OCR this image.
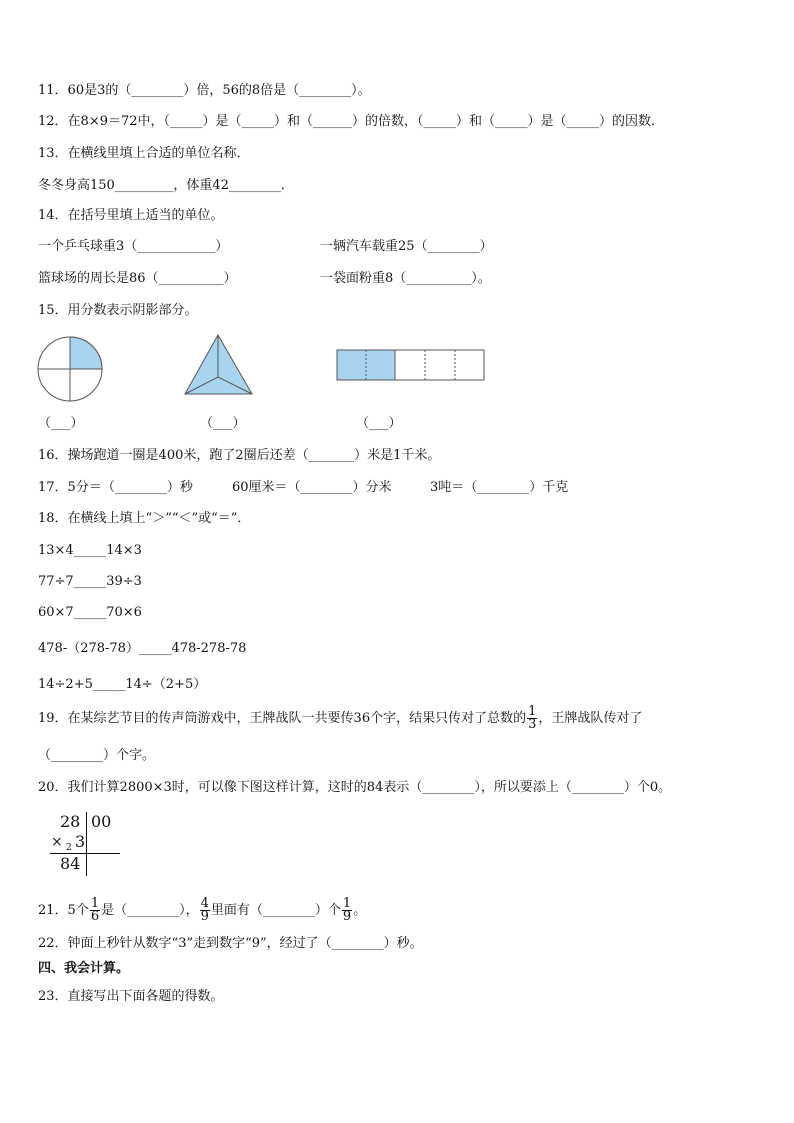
11．60是3的（________）倍，56的8倍是（________）。
12．在8×9＝72中，（_____）是（_____）和（______）的倍数，（_____）和（_____）是（_____）的因数．
13．在横线里填上合适的单位名称．
冬冬身高150_________，体重42________．
14．在括号里填上适当的单位。
一个乒乓球重3（____________）	一辆汽车载重25（________）
篮球场的周长是86（__________）	一袋面粉重8（__________）。
15．用分数表示阴影部分。
（___）	（___）	（___）
16．操场跑道一圈是400米，跑了2圈后还差（_______）米是1千米。
17．5分＝（________）秒	60厘米＝（________）分米	3吨＝（________）千克
18．在横线上填上“＞”“＜”或“＝”．
13×4_____14×3
77÷7_____39÷3
60×7_____70×6
478-（278-78）_____478-278-78
14÷2+5_____14÷（2+5）
19．在某综艺节目的传声筒游戏中，王牌战队一共要传36个字，结果只传对了总数的 $\frac{1}{3}$ ，王牌战队传对了
（________）个字。
20．我们计算2800×3时，可以像下图这样计算，这时的84表示（________），所以要添上（________）个0。
28 00
× 2 3
84
21．5个 $\frac{1}{6}$ 是（________）， $\frac{4}{9}$ 里面有（________）个 $\frac{1}{9}$ 。
22．钟面上秒针从数字“3”走到数字“9”，经过了（________）秒。
四、我会计算。
23．直接写出下面各题的得数。
